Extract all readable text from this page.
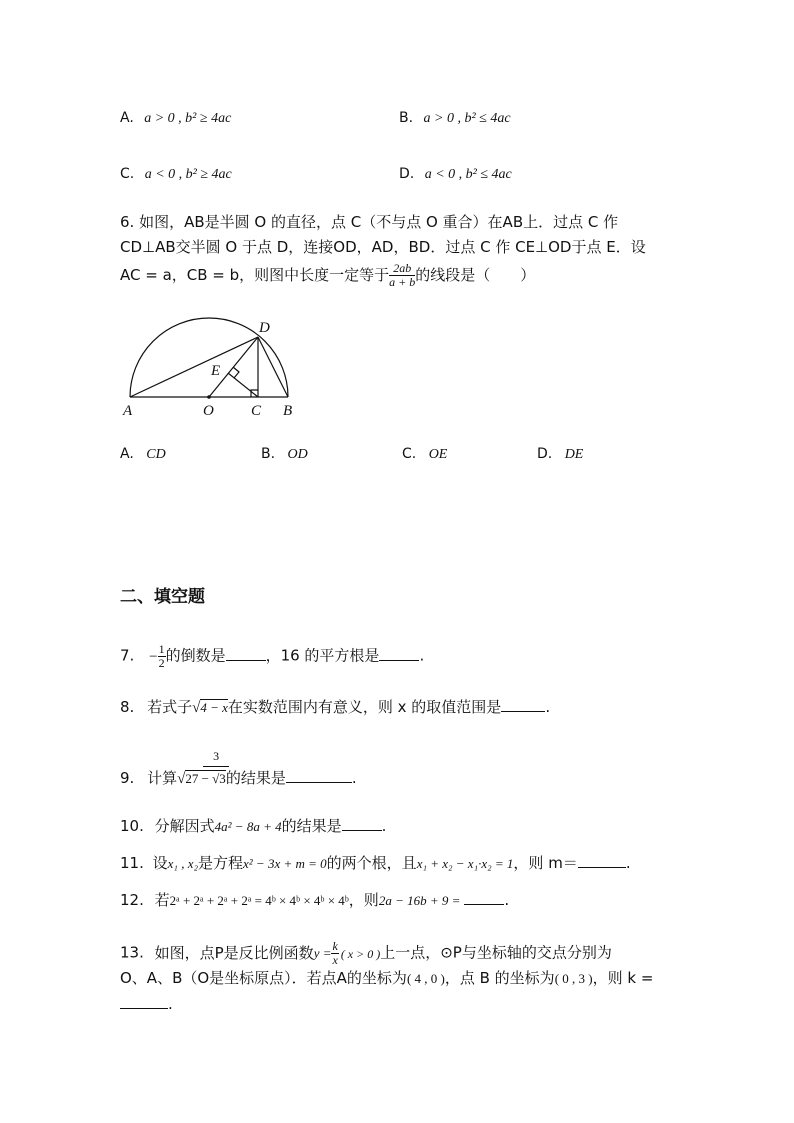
A. a > 0 , b² ≥ 4ac	B. a > 0 , b² ≤ 4ac
C. a < 0 , b² ≥ 4ac	D. a < 0 , b² ≤ 4ac
6. 如图，AB是半圆 O 的直径，点 C（不与点 O 重合）在AB上．过点 C 作
CD⊥AB交半圆 O 于点 D，连接OD，AD，BD．过点 C 作 CE⊥OD于点 E．设
AC = a，CB = b，则图中长度一定等于 $\frac{2ab}{a + b}$ 的线段是（　　）
A	O C B
D
E
A. CD	B. OD	C. OE	D. DE
二、填空题
7. − $\frac{1}{2}$ 的倒数是	，16 的平方根是	.
8. 若式子√4 − x在实数范围内有意义，则 x 的取值范围是	.
9. 计算
3
√27 − √3的结果是	.
10. 分解因式4a² − 8a + 4的结果是	.
11. 设x₁ , x₂是方程x² − 3x + m = 0的两个根，且x₁ + x₂ − x₁·x₂ = 1，则 m＝	.
12. 若2ᵃ + 2ᵃ + 2ᵃ + 2ᵃ = 4ᵇ × 4ᵇ × 4ᵇ × 4ᵇ，则2a − 16b + 9 =	.
13. 如图，点P是反比例函数$y = \frac{k}{x}$ ( x > 0 )上一点，⊙P与坐标轴的交点分别为
O、A、B（O是坐标原点）．若点A的坐标为( 4 , 0 )，点 B 的坐标为( 0 , 3 )，则 k =
.
